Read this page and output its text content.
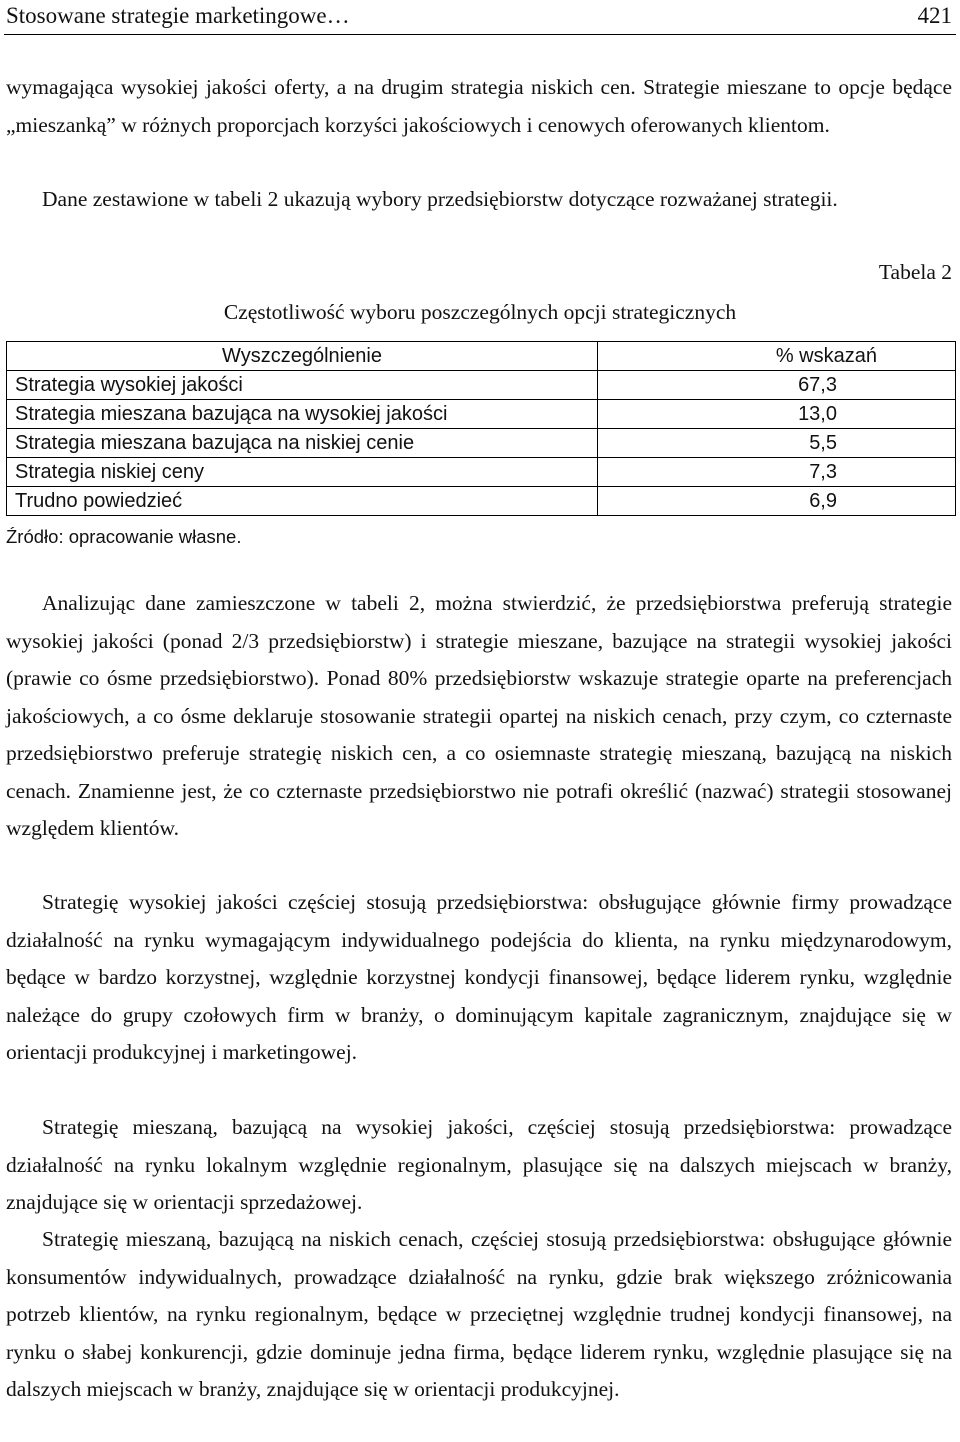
Stosowane strategie marketingowe…	421

wymagająca wysokiej jakości oferty, a na drugim strategia niskich cen. Strategie mieszane to opcje będące „mieszanką” w różnych proporcjach korzyści jakościowych i cenowych oferowanych klientom.

Dane zestawione w tabeli 2 ukazują wybory przedsiębiorstw dotyczące rozważanej strategii.

Tabela 2
Częstotliwość wyboru poszczególnych opcji strategicznych
Wyszczególnienie	% wskazań
Strategia wysokiej jakości	67,3
Strategia mieszana bazująca na wysokiej jakości	13,0
Strategia mieszana bazująca na niskiej cenie	5,5
Strategia niskiej ceny	7,3
Trudno powiedzieć	6,9
Źródło: opracowanie własne.

Analizując dane zamieszczone w tabeli 2, można stwierdzić, że przedsiębiorstwa preferują strategie wysokiej jakości (ponad 2/3 przedsiębiorstw) i strategie mieszane, bazujące na strategii wysokiej jakości (prawie co ósme przedsiębiorstwo). Ponad 80% przedsiębiorstw wskazuje strategie oparte na preferencjach jakościowych, a co ósme deklaruje stosowanie strategii opartej na niskich cenach, przy czym, co czternaste przedsiębiorstwo preferuje strategię niskich cen, a co osiemnaste strategię mieszaną, bazującą na niskich cenach. Znamienne jest, że co czternaste przedsiębiorstwo nie potrafi określić (nazwać) strategii stosowanej względem klientów.

Strategię wysokiej jakości częściej stosują przedsiębiorstwa: obsługujące głównie firmy prowadzące działalność na rynku wymagającym indywidualnego podejścia do klienta, na rynku międzynarodowym, będące w bardzo korzystnej, względnie korzystnej kondycji finansowej, będące liderem rynku, względnie należące do grupy czołowych firm w branży, o dominującym kapitale zagranicznym, znajdujące się w orientacji produkcyjnej i marketingowej.

Strategię mieszaną, bazującą na wysokiej jakości, częściej stosują przedsiębiorstwa: prowadzące działalność na rynku lokalnym względnie regionalnym, plasujące się na dalszych miejscach w branży, znajdujące się w orientacji sprzedażowej.

Strategię mieszaną, bazującą na niskich cenach, częściej stosują przedsiębiorstwa: obsługujące głównie konsumentów indywidualnych, prowadzące działalność na rynku, gdzie brak większego zróżnicowania potrzeb klientów, na rynku regionalnym, będące w przeciętnej względnie trudnej kondycji finansowej, na rynku o słabej konkurencji, gdzie dominuje jedna firma, będące liderem rynku, względnie plasujące się na dalszych miejscach w branży, znajdujące się w orientacji produkcyjnej.
